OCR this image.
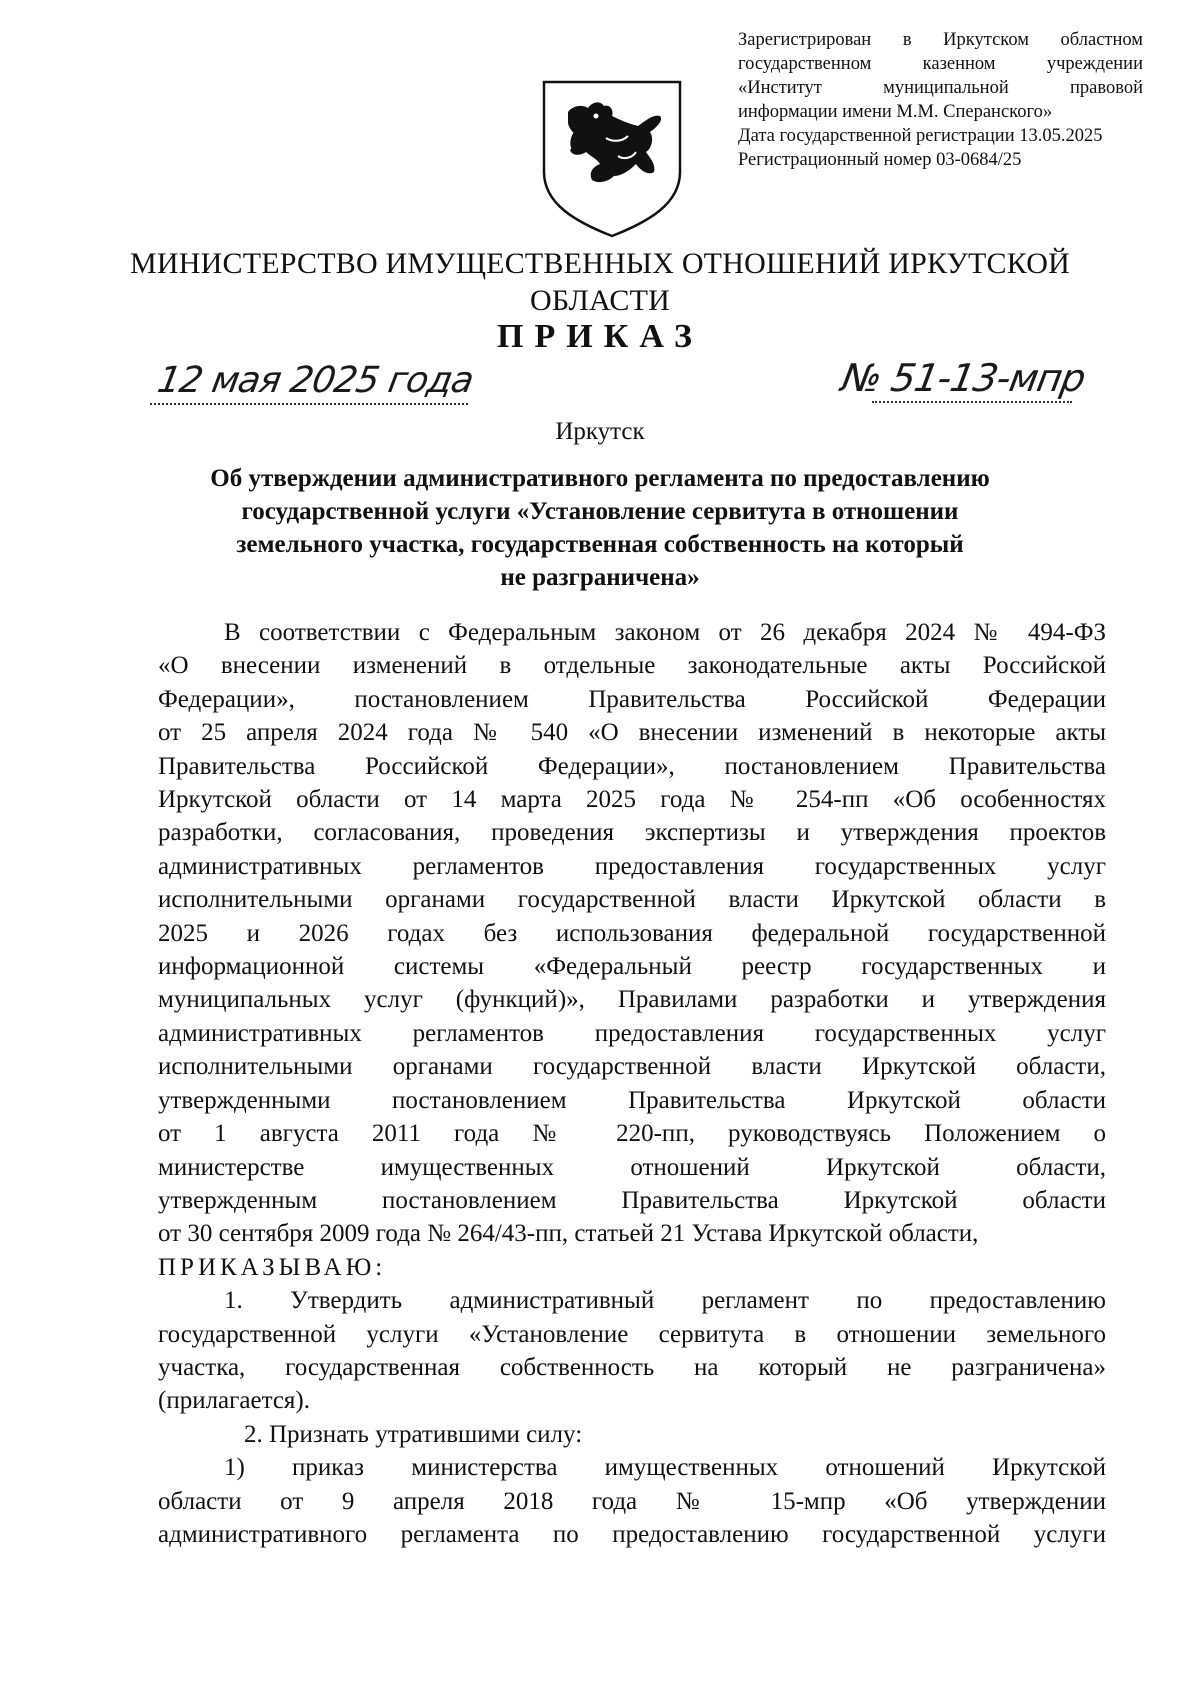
Зарегистрирован в Иркутском областном
государственном казенном учреждении
«Институт муниципальной правовой
информации имени М.М. Сперанского»
Дата государственной регистрации 13.05.2025
Регистрационный номер 03-0684/25
МИНИСТЕРСТВО ИМУЩЕСТВЕННЫХ ОТНОШЕНИЙ ИРКУТСКОЙ
ОБЛАСТИ
ПРИКАЗ
12 мая 2025 года	№ 51-13-мпр
Иркутск
Об утверждении административного регламента по предоставлению
государственной услуги «Установление сервитута в отношении
земельного участка, государственная собственность на который
не разграничена»
В соответствии с Федеральным законом от 26 декабря 2024 № 494-ФЗ
«О внесении изменений в отдельные законодательные акты Российской
Федерации», постановлением Правительства Российской Федерации
от 25 апреля 2024 года № 540 «О внесении изменений в некоторые акты
Правительства Российской Федерации», постановлением Правительства
Иркутской области от 14 марта 2025 года № 254-пп «Об особенностях
разработки, согласования, проведения экспертизы и утверждения проектов
административных регламентов предоставления государственных услуг
исполнительными органами государственной власти Иркутской области в
2025 и 2026 годах без использования федеральной государственной
информационной системы «Федеральный реестр государственных и
муниципальных услуг (функций)», Правилами разработки и утверждения
административных регламентов предоставления государственных услуг
исполнительными органами государственной власти Иркутской области,
утвержденными постановлением Правительства Иркутской области
от 1 августа 2011 года № 220-пп, руководствуясь Положением о
министерстве имущественных отношений Иркутской области,
утвержденным постановлением Правительства Иркутской области
от 30 сентября 2009 года № 264/43-пп, статьей 21 Устава Иркутской области,
ПРИКАЗЫВАЮ:
1. Утвердить административный регламент по предоставлению
государственной услуги «Установление сервитута в отношении земельного
участка, государственная собственность на который не разграничена»
(прилагается).
2. Признать утратившими силу:
1) приказ министерства имущественных отношений Иркутской
области от 9 апреля 2018 года № 15-мпр «Об утверждении
административного регламента по предоставлению государственной услуги
